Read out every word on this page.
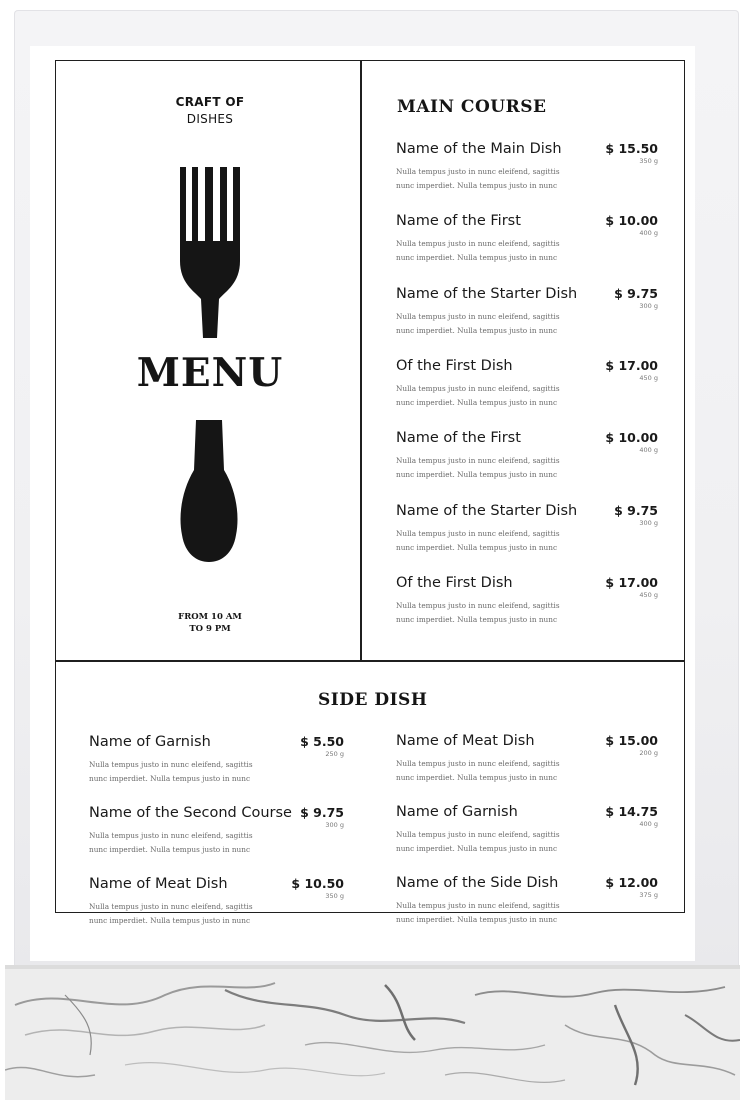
CRAFT OF
DISHES
MENU
FROM 10 AM
TO 9 PM
MAIN COURSE
Name of the Main Dish	$ 15.50
350 g
Nulla tempus justo in nunc eleifend, sagittis
nunc imperdiet. Nulla tempus justo in nunc
Name of the First	$ 10.00
400 g
Nulla tempus justo in nunc eleifend, sagittis
nunc imperdiet. Nulla tempus justo in nunc
Name of the Starter Dish	$ 9.75
300 g
Nulla tempus justo in nunc eleifend, sagittis
nunc imperdiet. Nulla tempus justo in nunc
Of the First Dish	$ 17.00
450 g
Nulla tempus justo in nunc eleifend, sagittis
nunc imperdiet. Nulla tempus justo in nunc
Name of the First	$ 10.00
400 g
Nulla tempus justo in nunc eleifend, sagittis
nunc imperdiet. Nulla tempus justo in nunc
Name of the Starter Dish	$ 9.75
300 g
Nulla tempus justo in nunc eleifend, sagittis
nunc imperdiet. Nulla tempus justo in nunc
Of the First Dish	$ 17.00
450 g
Nulla tempus justo in nunc eleifend, sagittis
nunc imperdiet. Nulla tempus justo in nunc
SIDE DISH
Name of Garnish	$ 5.50
250 g
Nulla tempus justo in nunc eleifend, sagittis
nunc imperdiet. Nulla tempus justo in nunc
Name of the Second Course $ 9.75
300 g
Nulla tempus justo in nunc eleifend, sagittis
nunc imperdiet. Nulla tempus justo in nunc
Name of Meat Dish	$ 10.50
350 g
Nulla tempus justo in nunc eleifend, sagittis
nunc imperdiet. Nulla tempus justo in nunc
Name of Meat Dish	$ 15.00
200 g
Nulla tempus justo in nunc eleifend, sagittis
nunc imperdiet. Nulla tempus justo in nunc
Name of Garnish	$ 14.75
400 g
Nulla tempus justo in nunc eleifend, sagittis
nunc imperdiet. Nulla tempus justo in nunc
Name of the Side Dish	$ 12.00
375 g
Nulla tempus justo in nunc eleifend, sagittis
nunc imperdiet. Nulla tempus justo in nunc
